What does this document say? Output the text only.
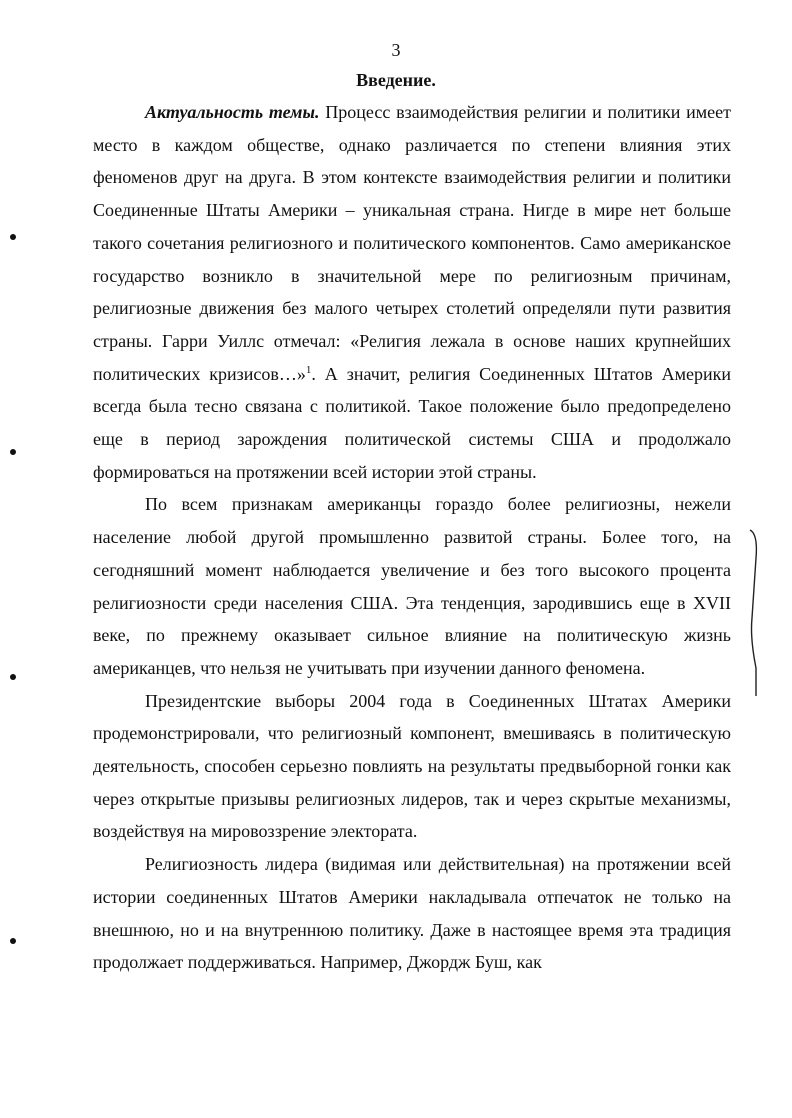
3
Введение.

Актуальность темы. Процесс взаимодействия религии и политики имеет место в каждом обществе, однако различается по степени влияния этих феноменов друг на друга. В этом контексте взаимодействия религии и политики Соединенные Штаты Америки – уникальная страна. Нигде в мире нет больше такого сочетания религиозного и политического компонентов. Само американское государство возникло в значительной мере по религиозным причинам, религиозные движения без малого четырех столетий определяли пути развития страны. Гарри Уиллс отмечал: «Религия лежала в основе наших крупнейших политических кризисов…»$^1$. А значит, религия Соединенных Штатов Америки всегда была тесно связана с политикой. Такое положение было предопределено еще в период зарождения политической системы США и продолжало формироваться на протяжении всей истории этой страны.

По всем признакам американцы гораздо более религиозны, нежели население любой другой промышленно развитой страны. Более того, на сегодняшний момент наблюдается увеличение и без того высокого процента религиозности среди населения США. Эта тенденция, зародившись еще в XVII веке, по прежнему оказывает сильное влияние на политическую жизнь американцев, что нельзя не учитывать при изучении данного феномена.

Президентские выборы 2004 года в Соединенных Штатах Америки продемонстрировали, что религиозный компонент, вмешиваясь в политическую деятельность, способен серьезно повлиять на результаты предвыборной гонки как через открытые призывы религиозных лидеров, так и через скрытые механизмы, воздействуя на мировоззрение электората.

Религиозность лидера (видимая или действительная) на протяжении всей истории соединенных Штатов Америки накладывала отпечаток не только на внешнюю, но и на внутреннюю политику. Даже в настоящее время эта традиция продолжает поддерживаться. Например, Джордж Буш, как
